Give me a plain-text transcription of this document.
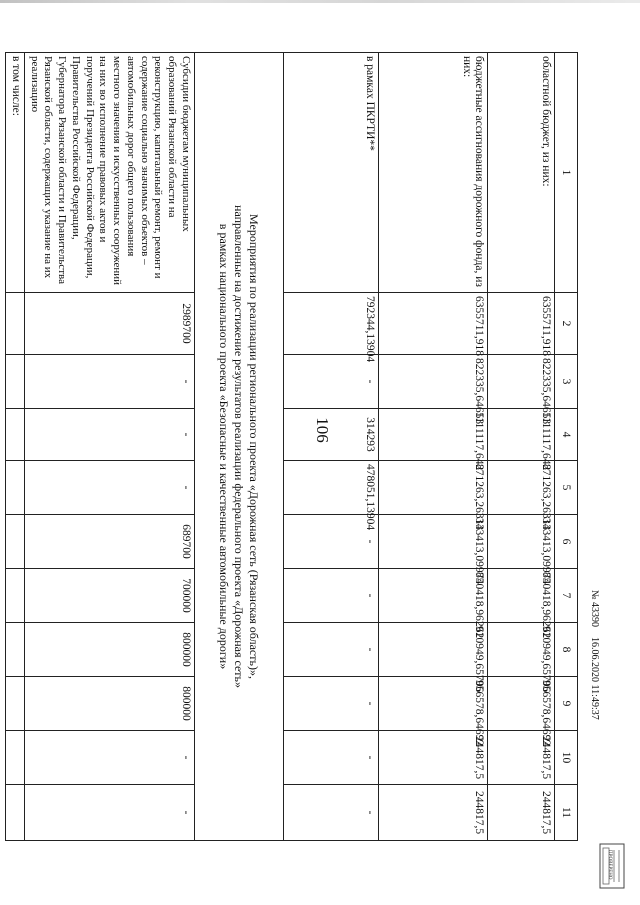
106
1	2	3	4	5	6	7	8	9	10	11
областной бюджет, из них:	6355711,918	822335,64653	1111117,642	871263,26313	343413,09974	850418,96262	910949,65706	956578,64692	244817,5	244817,5
бюджетные ассигнования дорожного фонда, из них:	6355711,918	822335,64653	1111117,642	871263,26313	343413,09974	850418,96262	910949,65706	956578,64692	244817,5	244817,5
в рамках ПКРТИ**	792344,13904	-	314293	478051,13904	-	-	-	-	-	-

Мероприятия по реализации регионального проекта «Дорожная сеть (Рязанская область)»,
направленные на достижение результатов реализации федерального проекта «Дорожная сеть»
в рамках национального проекта «Безопасные и качественные автомобильные дороги»										

Субсидии бюджетам муниципальных образований Рязанской области на реконструкцию, капитальный ремонт, ремонт и содержание социально значимых объектов – автомобильных дорог общего пользования местного значения и искусственных сооружений на них во исполнение правовых актов и поручений Президента Российской Федерации, Правительства Российской Федерации, Губернатора Рязанской области и Правительства Рязанской области, содержащих указание на их реализацию	2989700	-	-	-	689700	700000	800000	800000	-	-
в том числе:										
№ 43390    16.06.2020 11:49:37
ПРОВЕРЕНО
